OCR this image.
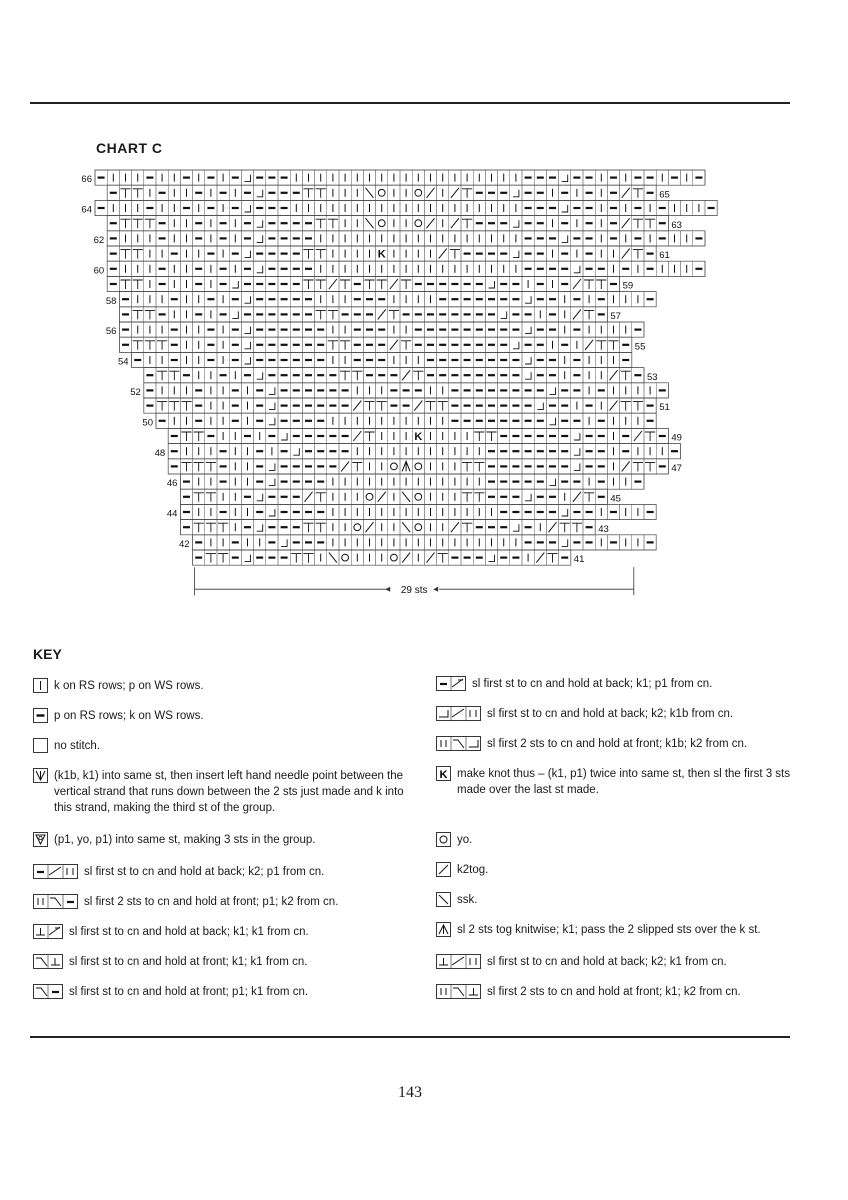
CHART C
66
65
64
63
62
K	61
60
59
58
57
56
55
54
53
52
51
50
K	49
48
47
46
45
44
43
42
41
29 sts
KEY
k on RS rows; p on WS rows.
p on RS rows; k on WS rows.
no stitch.
(k1b, k1) into same st, then insert left hand needle point between the vertical strand that runs down between the 2 sts just made and k into this strand, making the third st of the group.
(p1, yo, p1) into same st, making 3 sts in the group.
sl first st to cn and hold at back; k2; p1 from cn.
sl first 2 sts to cn and hold at front; p1; k2 from cn.
sl first st to cn and hold at back; k1; k1 from cn.
sl first st to cn and hold at front; k1; k1 from cn.
sl first st to cn and hold at front; p1; k1 from cn.
sl first st to cn and hold at back; k1; p1 from cn.
sl first st to cn and hold at back; k2; k1b from cn.
sl first 2 sts to cn and hold at front; k1b; k2 from cn.
K make knot thus – (k1, p1) twice into same st, then sl the first 3 sts made over the last st made.
yo.
k2tog.
ssk.
sl 2 sts tog knitwise; k1; pass the 2 slipped sts over the k st.
sl first st to cn and hold at back; k2; k1 from cn.
sl first 2 sts to cn and hold at front; k1; k2 from cn.
143
